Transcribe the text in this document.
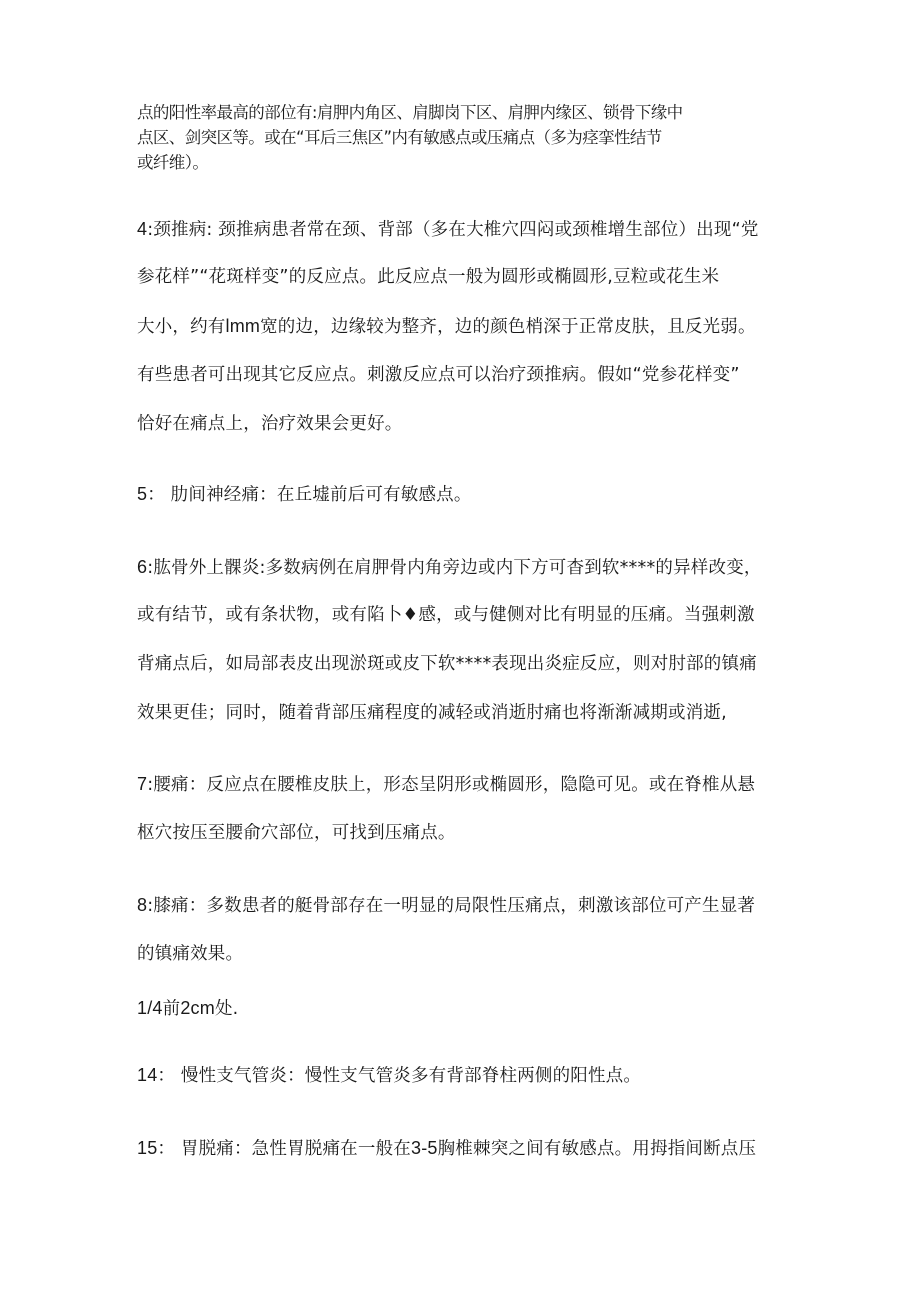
点的阳性率最高的部位有:肩胛内角区、肩脚岗下区、肩胛内缘区、锁骨下缘中
点区、剑突区等。或在“耳后三焦区”内有敏感点或压痛点（多为痉挛性结节
或纤维）。
4:颈推病: 颈推病患者常在颈、背部（多在大椎穴四闷或颈椎增生部位）出现“党
参花样”“花斑样变”的反应点。此反应点一般为圆形或椭圆形,豆粒或花生米
大小，约有lmm宽的边，边缘较为整齐，边的颜色梢深于正常皮肤，且反光弱。
有些患者可出现其它反应点。刺激反应点可以治疗颈推病。假如“党参花样变”
恰好在痛点上，治疗效果会更好。
5： 肋间神经痛：在丘墟前后可有敏感点。
6:肱骨外上髁炎:多数病例在肩胛骨内角旁边或内下方可杳到软****的异样改变，
或有结节，或有条状物，或有陷卜♦感，或与健侧对比有明显的压痛。当强刺激
背痛点后，如局部表皮出现淤斑或皮下软****表现出炎症反应，则对肘部的镇痛
效果更佳；同时，随着背部压痛程度的减轻或消逝肘痛也将渐渐减期或消逝,
7:腰痛：反应点在腰椎皮肤上，形态呈阴形或椭圆形，隐隐可见。或在脊椎从悬
枢穴按压至腰俞穴部位，可找到压痛点。
8:膝痛：多数患者的艇骨部存在一明显的局限性压痛点，刺激该部位可产生显著
的镇痛效果。
1/4前2cm处.
14： 慢性支气管炎：慢性支气管炎多有背部脊柱两侧的阳性点。
15： 胃脱痛：急性胃脱痛在一般在3-5胸椎棘突之间有敏感点。用拇指间断点压
